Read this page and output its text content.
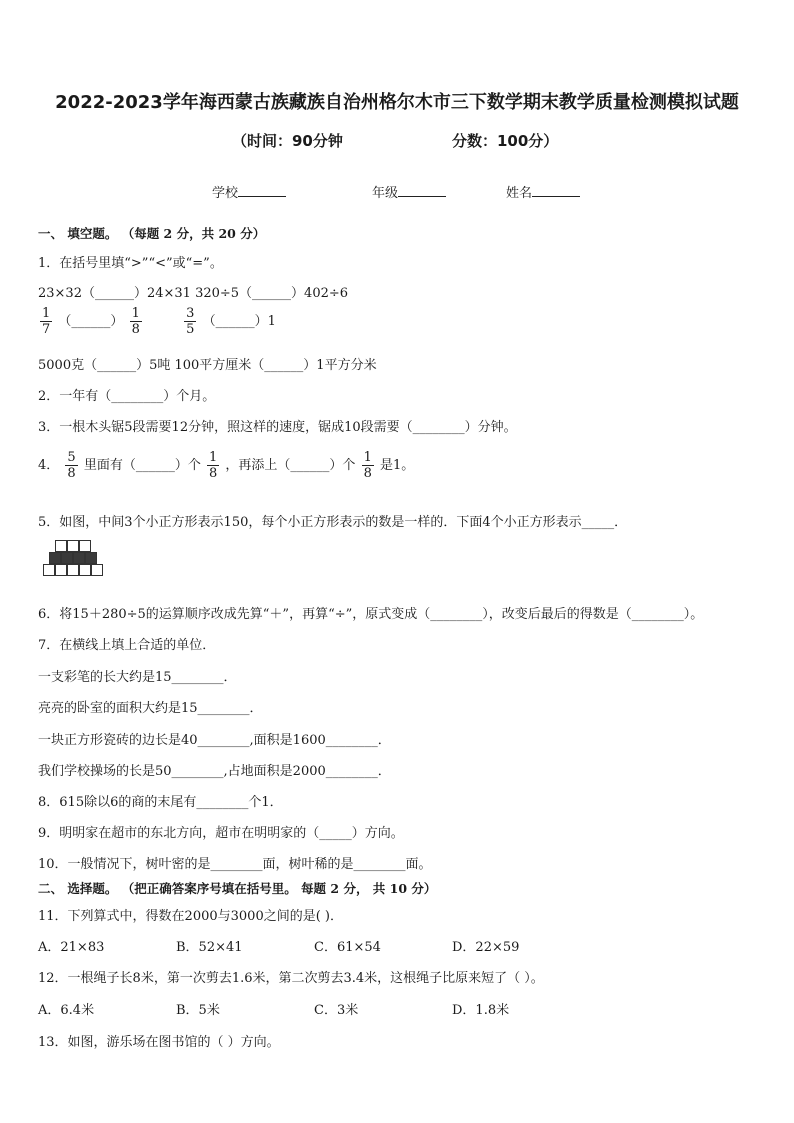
2022-2023学年海西蒙古族藏族自治州格尔木市三下数学期末教学质量检测模拟试题
（时间：90分钟	分数：100分）
学校	年级	姓名
一、 填空题。 （每题 2 分，共 20 分）
1．在括号里填“>”“<”或“=”。
23×32（______）24×31 320÷5（______）402÷6
$\frac{1}{7}$ （______） $\frac{1}{8}$
	$\frac{3}{5}$ （______）1
5000克（______）5吨 100平方厘米（______）1平方分米
2．一年有（________）个月。
3．一根木头锯5段需要12分钟，照这样的速度，锯成10段需要（________）分钟。
4． $\frac{5}{8}$ 里面有（______）个 $\frac{1}{8}$ ，再添上（______）个 $\frac{1}{8}$ 是1。
5．如图，中间3个小正方形表示150，每个小正方形表示的数是一样的．下面4个小正方形表示_____．
6．将15＋280÷5的运算顺序改成先算“＋”，再算“÷”，原式变成（________），改变后最后的得数是（________）。
7．在横线上填上合适的单位．
一支彩笔的长大约是15________．
亮亮的卧室的面积大约是15________．
一块正方形瓷砖的边长是40________,面积是1600________．
我们学校操场的长是50________,占地面积是2000________．
8．615除以6的商的末尾有________个1．
9．明明家在超市的东北方向，超市在明明家的（_____）方向。
10．一般情况下，树叶密的是________面，树叶稀的是________面。
二、 选择题。 （把正确答案序号填在括号里。 每题 2 分， 共 10 分）
11．下列算式中，得数在2000与3000之间的是( )．
A．21×83	B．52×41	C．61×54	D．22×59
12．一根绳子长8米，第一次剪去1.6米，第二次剪去3.4米，这根绳子比原来短了（ ）。
A．6.4米	B．5米	C．3米	D．1.8米
13．如图，游乐场在图书馆的（ ）方向。
